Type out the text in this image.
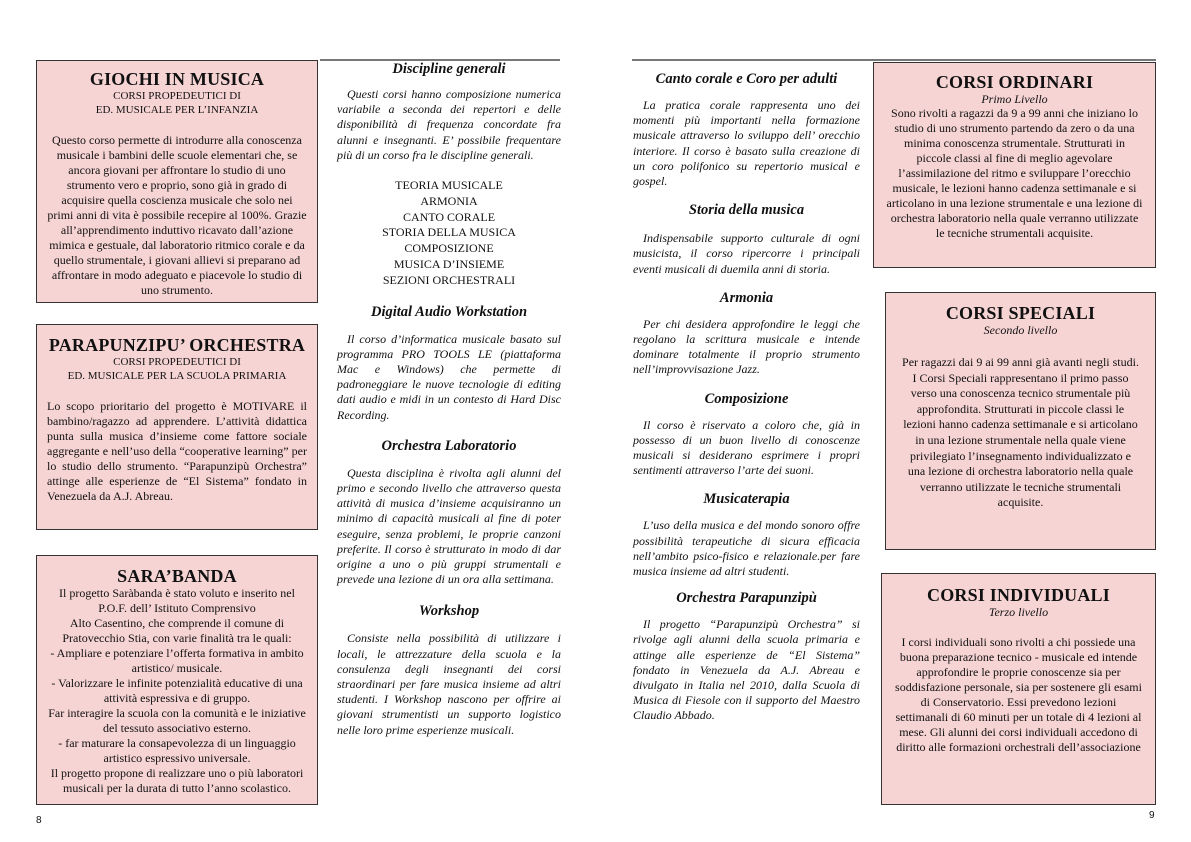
GIOCHI IN MUSICA

CORSI PROPEDEUTICI DI

ED. MUSICALE PER L’INFANZIA

Questo corso permette di introdurre alla conoscenza musicale i bambini delle scuole elementari che, se ancora giovani per affrontare lo studio di uno strumento vero e proprio, sono già in grado di acquisire quella coscienza musicale che solo nei primi anni di vita è possibile recepire al 100%. Grazie all’apprendimento induttivo ricavato dall’azione mimica e gestuale, dal laboratorio ritmico corale e da quello strumentale, i giovani allievi si preparano ad affrontare in modo adeguato e piacevole lo studio di uno strumento.

PARAPUNZIPU’ ORCHESTRA

CORSI PROPEDEUTICI DI

ED. MUSICALE PER LA SCUOLA PRIMARIA

Lo scopo prioritario del progetto è MOTIVARE il bambino/ragazzo ad apprendere. L’attività didattica punta sulla musica d’insieme come fattore sociale aggregante e nell’uso della “cooperative learning” per lo studio dello strumento. “Parapunzipù Orchestra” attinge alle esperienze de “El Sistema” fondato in Venezuela da A.J. Abreau.

SARA’BANDA

Il progetto Saràbanda è stato voluto e inserito nel P.O.F. dell’ Istituto Comprensivo

Alto Casentino, che comprende il comune di Pratovecchio Stia, con varie finalità tra le quali:

- Ampliare e potenziare l’offerta formativa in ambito artistico/ musicale.

- Valorizzare le infinite potenzialità educative di una attività espressiva e di gruppo.

Far interagire la scuola con la comunità e le iniziative del tessuto associativo esterno.

- far maturare la consapevolezza di un linguaggio artistico espressivo universale.

Il progetto propone di realizzare uno o più laboratori musicali per la durata di tutto l’anno scolastico.

8

Discipline generali

Questi corsi hanno composizione numerica variabile a seconda dei repertori e delle disponibilità di frequenza concordate fra alunni e insegnanti. E’ possibile frequentare più di un corso fra le discipline generali.

TEORIA MUSICALE

ARMONIA

CANTO CORALE

STORIA DELLA MUSICA

COMPOSIZIONE

MUSICA D’INSIEME

SEZIONI ORCHESTRALI

Digital Audio Workstation

Il corso d’informatica musicale basato sul programma PRO TOOLS LE (piattaforma Mac e Windows) che permette di padroneggiare le nuove tecnologie di editing dati audio e midi in un contesto di Hard Disc Recording.

Orchestra Laboratorio

Questa disciplina è rivolta agli alunni del primo e secondo livello che attraverso questa attività di musica d’insieme acquisiranno un minimo di capacità musicali al fine di poter eseguire, senza problemi, le proprie canzoni preferite. Il corso è strutturato in modo di dar origine a uno o più gruppi strumentali e prevede una lezione di un ora alla settimana.

Workshop

Consiste nella possibilità di utilizzare i locali, le attrezzature della scuola e la consulenza degli insegnanti dei corsi straordinari per fare musica insieme ad altri studenti. I Workshop nascono per offrire ai giovani strumentisti un supporto logistico nelle loro prime esperienze musicali.

Canto corale e Coro per adulti

La pratica corale rappresenta uno dei momenti più importanti nella formazione musicale attraverso lo sviluppo dell’ orecchio interiore. Il corso è basato sulla creazione di un coro polifonico su repertorio musical e gospel.

Storia della musica

Indispensabile supporto culturale di ogni musicista, il corso ripercorre i principali eventi musicali di duemila anni di storia.

Armonia

Per chi desidera approfondire le leggi che regolano la scrittura musicale e intende dominare totalmente il proprio strumento nell’improvvisazione Jazz.

Composizione

Il corso è riservato a coloro che, già in possesso di un buon livello di conoscenze musicali si desiderano esprimere i propri sentimenti attraverso l’arte dei suoni.

Musicaterapia

L’uso della musica e del mondo sonoro offre possibilità terapeutiche di sicura efficacia nell’ambito psico-fisico e relazionale.per fare musica insieme ad altri studenti.

Orchestra Parapunzipù

Il progetto “Parapunzipù Orchestra” si rivolge agli alunni della scuola primaria e attinge alle esperienze de “El Sistema” fondato in Venezuela da A.J. Abreau e divulgato in Italia nel 2010, dalla Scuola di Musica di Fiesole con il supporto del Maestro Claudio Abbado.

CORSI ORDINARI

Primo Livello

Sono rivolti a ragazzi da 9 a 99 anni che iniziano lo studio di uno strumento partendo da zero o da una minima conoscenza strumentale. Strutturati in piccole classi al fine di meglio agevolare l’assimilazione del ritmo e sviluppare l’orecchio musicale, le lezioni hanno cadenza settimanale e si articolano in una lezione strumentale e una lezione di orchestra laboratorio nella quale verranno utilizzate le tecniche strumentali acquisite.

CORSI SPECIALI

Secondo livello

Per ragazzi dai 9 ai 99 anni già avanti negli studi. I Corsi Speciali rappresentano il primo passo verso una conoscenza tecnico strumentale più approfondita. Strutturati in piccole classi le lezioni hanno cadenza settimanale e si articolano in una lezione strumentale nella quale viene privilegiato l’insegnamento individualizzato e una lezione di orchestra laboratorio nella quale verranno utilizzate le tecniche strumentali acquisite.

CORSI INDIVIDUALI

Terzo livello

I corsi individuali sono rivolti a chi possiede una buona preparazione tecnico - musicale ed intende approfondire le proprie conoscenze sia per soddisfazione personale, sia per sostenere gli esami di Conservatorio. Essi prevedono lezioni settimanali di 60 minuti per un totale di 4 lezioni al mese. Gli alunni dei corsi individuali accedono di diritto alle formazioni orchestrali dell’associazione

9
